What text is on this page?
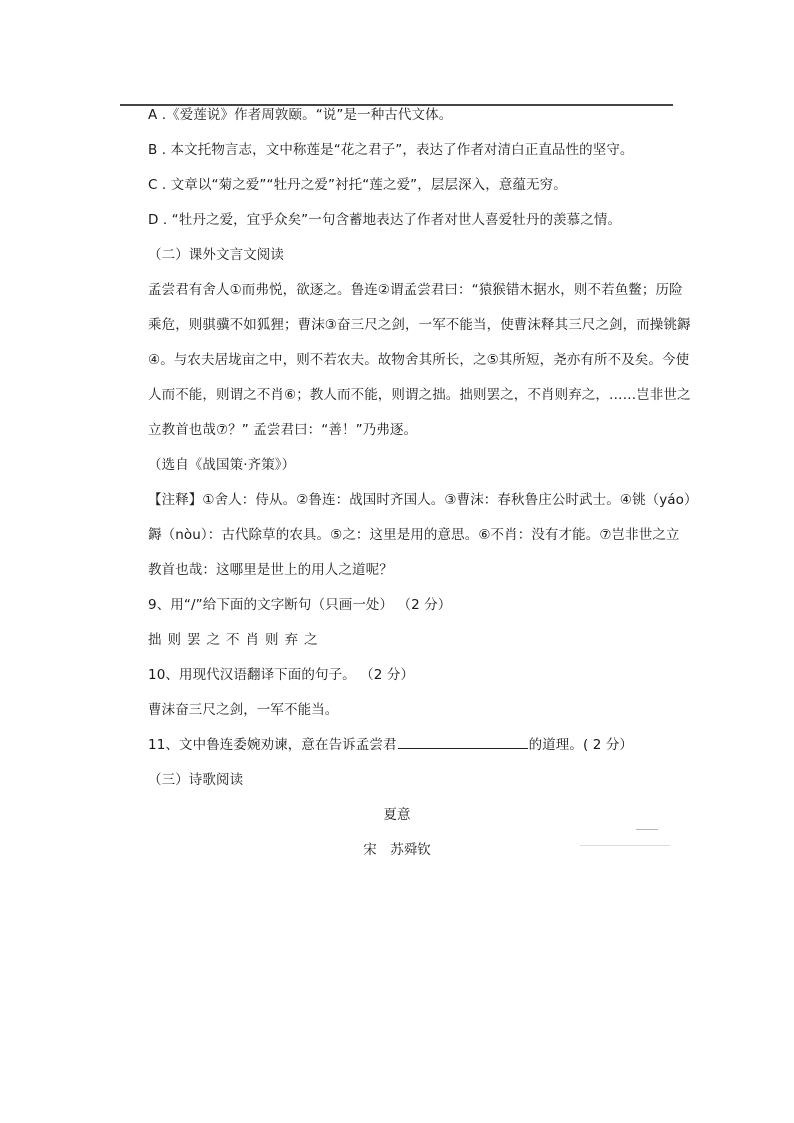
A .《爱莲说》作者周敦颐。“说”是一种古代文体。
B . 本文托物言志，文中称莲是“花之君子”，表达了作者对清白正直品性的坚守。
C . 文章以“菊之爱”“牡丹之爱”衬托“莲之爱”，层层深入，意蕴无穷。
D . “牡丹之爱，宜乎众矣”一句含蓄地表达了作者对世人喜爱牡丹的羡慕之情。
（二）课外文言文阅读
孟尝君有舍人①而弗悦，欲逐之。鲁连②谓孟尝君曰：“猿猴错木据水，则不若鱼鳖；历险
乘危，则骐骥不如狐狸；曹沫③奋三尺之剑，一军不能当，使曹沫释其三尺之剑，而操铫鎒
④。与农夫居垅亩之中，则不若农夫。故物舍其所长，之⑤其所短，尧亦有所不及矣。今使
人而不能，则谓之不肖⑥；教人而不能，则谓之拙。拙则罢之，不肖则弃之，……岂非世之
立教首也哉⑦？” 孟尝君曰：“善！”乃弗逐。
（选自《战国策·齐策》）
【注释】①舍人：侍从。②鲁连：战国时齐国人。③曹沫：春秋鲁庄公时武士。④铫（yáo）
鎒（nòu）：古代除草的农具。⑤之：这里是用的意思。⑥不肖：没有才能。⑦岂非世之立
教首也哉：这哪里是世上的用人之道呢？
9、用“/”给下面的文字断句（只画一处） （2 分）
拙则罢之不肖则弃之
10、用现代汉语翻译下面的句子。 （2 分）
曹沫奋三尺之剑，一军不能当。
11、文中鲁连委婉劝谏，意在告诉孟尝君	的道理。( 2 分）
（三）诗歌阅读
夏意
宋　苏舜钦
